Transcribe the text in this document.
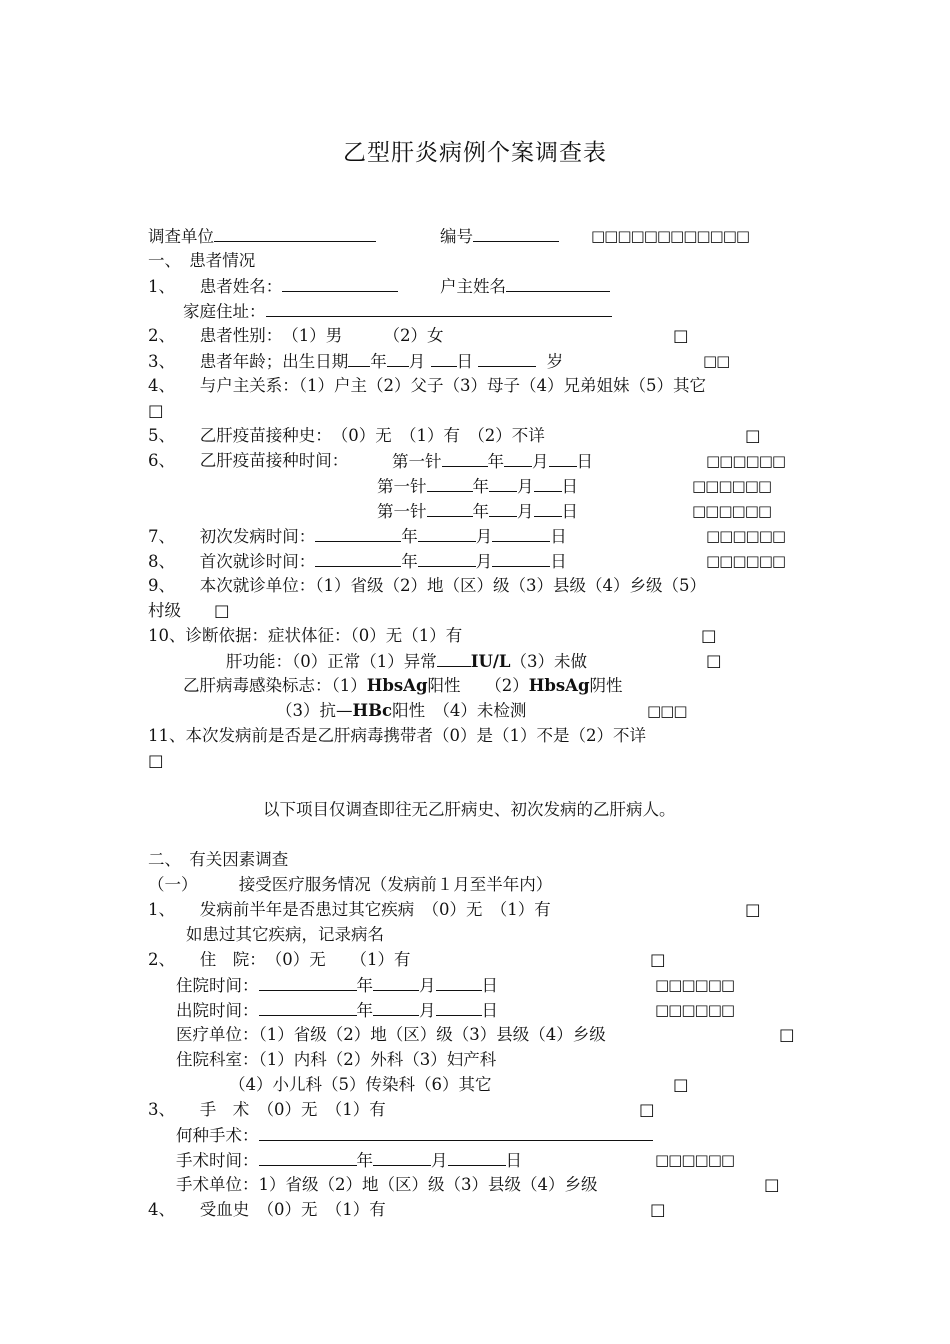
乙型肝炎病例个案调查表
调查单位	编号	□□□□□□□□□□□□
一、　患者情况
1、　　患者姓名：	户主姓名
家庭住址：
2、　　患者性别：　（1）男　　　（2）女	□
3、　　患者年龄；出生日期 年 月 日	岁	□□
4、　　与户主关系：（1）户主（2）父子（3）母子（4）兄弟姐妹（5）其它
□
5、　　乙肝疫苗接种史：　（0）无　（1）有　（2）不详	□
6、　　乙肝疫苗接种时间：	第一针	年 月 日	□□□□□□
第一针	年 月 日	□□□□□□
第一针	年 月 日	□□□□□□
7、　　初次发病时间：	年	月	日	□□□□□□
8、　　首次就诊时间：	年	月	日	□□□□□□
9、　　本次就诊单位：（1）省级（2）地（区）级（3）县级（4）乡级（5）
村级　　□
10、诊断依据：症状体征：（0）无（1）有	□
肝功能：（0）正常（1）异常 IU/L（3）未做	□
乙肝病毒感染标志：（1）HbsAg阳性　　（2）HbsAg阴性
（3）抗—HBc阳性　（4）未检测	□□□
11、本次发病前是否是乙肝病毒携带者（0）是（1）不是（2）不详
□
以下项目仅调查即往无乙肝病史、初次发病的乙肝病人。
二、　有关因素调查
（一）　　　接受医疗服务情况（发病前１月至半年内）
1、　　发病前半年是否患过其它疾病　（0）无　（1）有	□
如患过其它疾病，记录病名
2、　　住　院：　（0）无　　（1）有	□
住院时间：	年	月	日	□□□□□□
出院时间：	年	月	日	□□□□□□
医疗单位：（1）省级（2）地（区）级（3）县级（4）乡级	□
住院科室：（1）内科（2）外科（3）妇产科
（4）小儿科（5）传染科（6）其它	□
3、　　手　术　（0）无　（1）有	□
何种手术：
手术时间：	年	月	日	□□□□□□
手术单位：1）省级（2）地（区）级（3）县级（4）乡级	□
4、　　受血史　（0）无　（1）有	□
